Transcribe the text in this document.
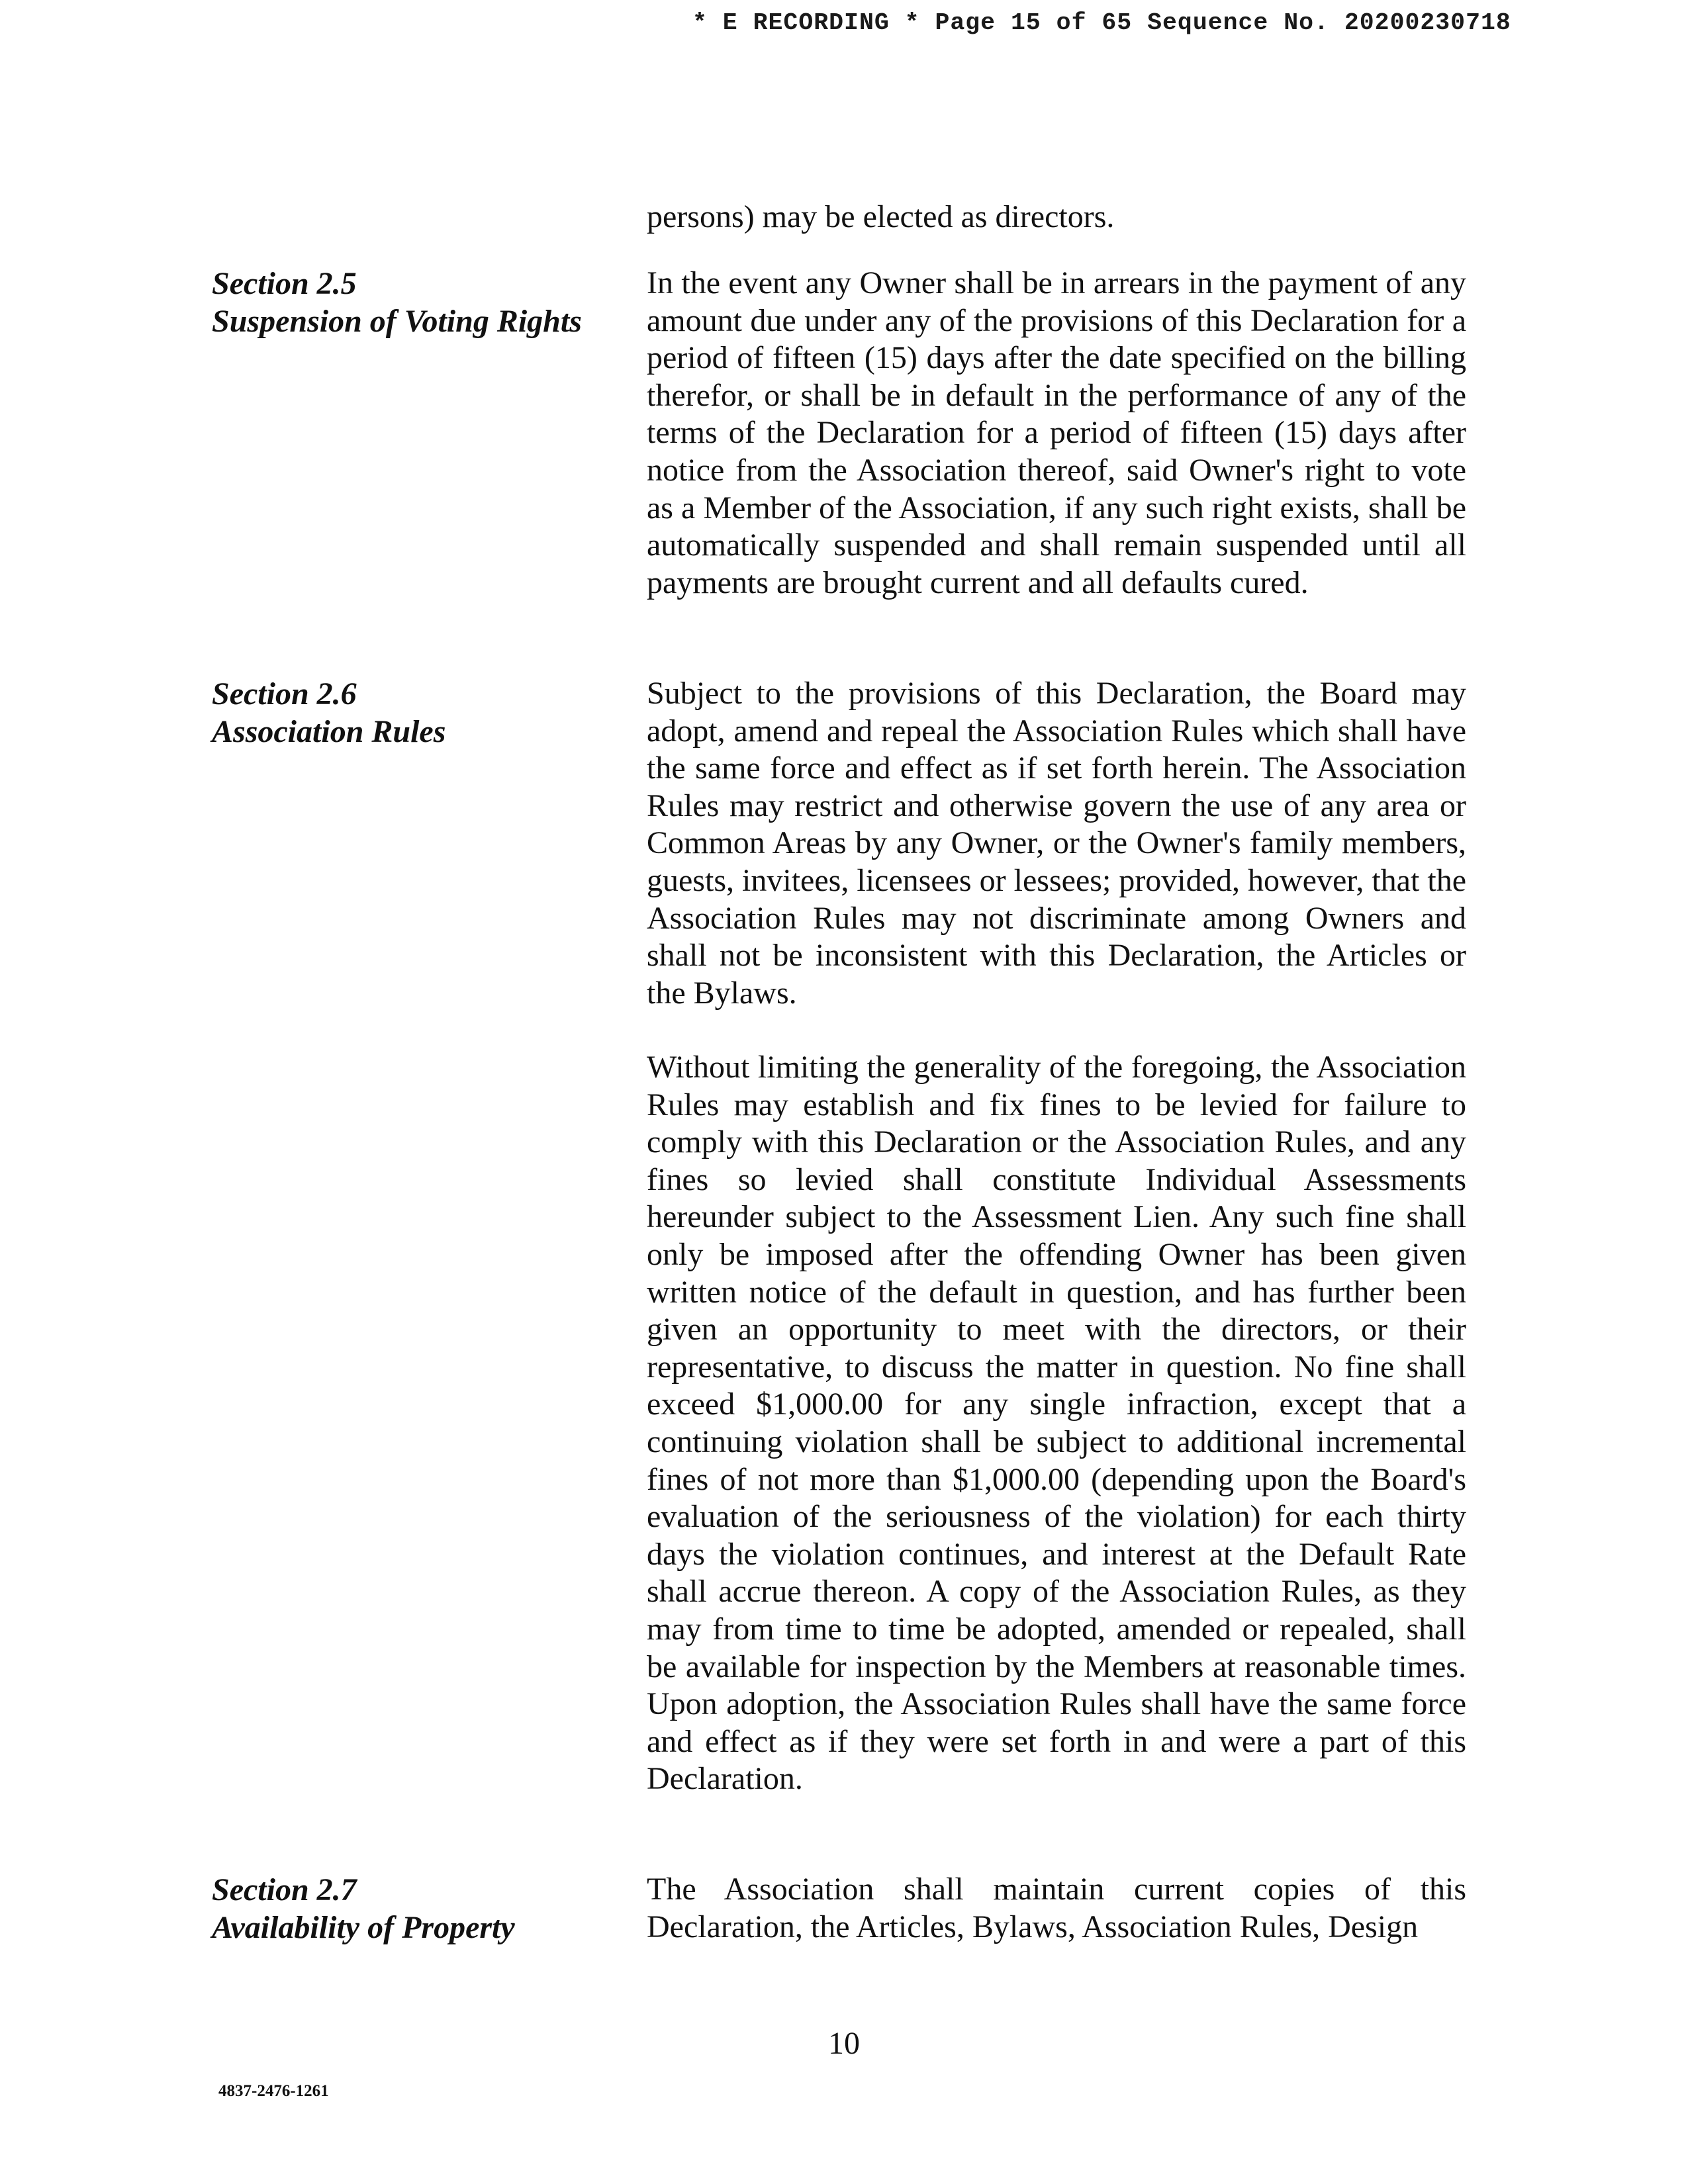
* E RECORDING * Page 15 of 65 Sequence No. 20200230718
persons) may be elected as directors.
Section 2.5
Suspension of Voting Rights
In the event any Owner shall be in arrears in the payment of any amount due under any of the provisions of this Declaration for a period of fifteen (15) days after the date specified on the billing therefor, or shall be in default in the performance of any of the terms of the Declaration for a period of fifteen (15) days after notice from the Association thereof, said Owner's right to vote as a Member of the Association, if any such right exists, shall be automatically suspended and shall remain suspended until all payments are brought current and all defaults cured.
Section 2.6
Association Rules
Subject to the provisions of this Declaration, the Board may adopt, amend and repeal the Association Rules which shall have the same force and effect as if set forth herein. The Association Rules may restrict and otherwise govern the use of any area or Common Areas by any Owner, or the Owner's family members, guests, invitees, licensees or lessees; provided, however, that the Association Rules may not discriminate among Owners and shall not be inconsistent with this Declaration, the Articles or the Bylaws.
Without limiting the generality of the foregoing, the Association Rules may establish and fix fines to be levied for failure to comply with this Declaration or the Association Rules, and any fines so levied shall constitute Individual Assessments hereunder subject to the Assessment Lien. Any such fine shall only be imposed after the offending Owner has been given written notice of the default in question, and has further been given an opportunity to meet with the directors, or their representative, to discuss the matter in question. No fine shall exceed $1,000.00 for any single infraction, except that a continuing violation shall be subject to additional incremental fines of not more than $1,000.00 (depending upon the Board's evaluation of the seriousness of the violation) for each thirty days the violation continues, and interest at the Default Rate shall accrue thereon. A copy of the Association Rules, as they may from time to time be adopted, amended or repealed, shall be available for inspection by the Members at reasonable times. Upon adoption, the Association Rules shall have the same force and effect as if they were set forth in and were a part of this Declaration.
Section 2.7
Availability of Property
The Association shall maintain current copies of this Declaration, the Articles, Bylaws, Association Rules, Design
10
4837-2476-1261
